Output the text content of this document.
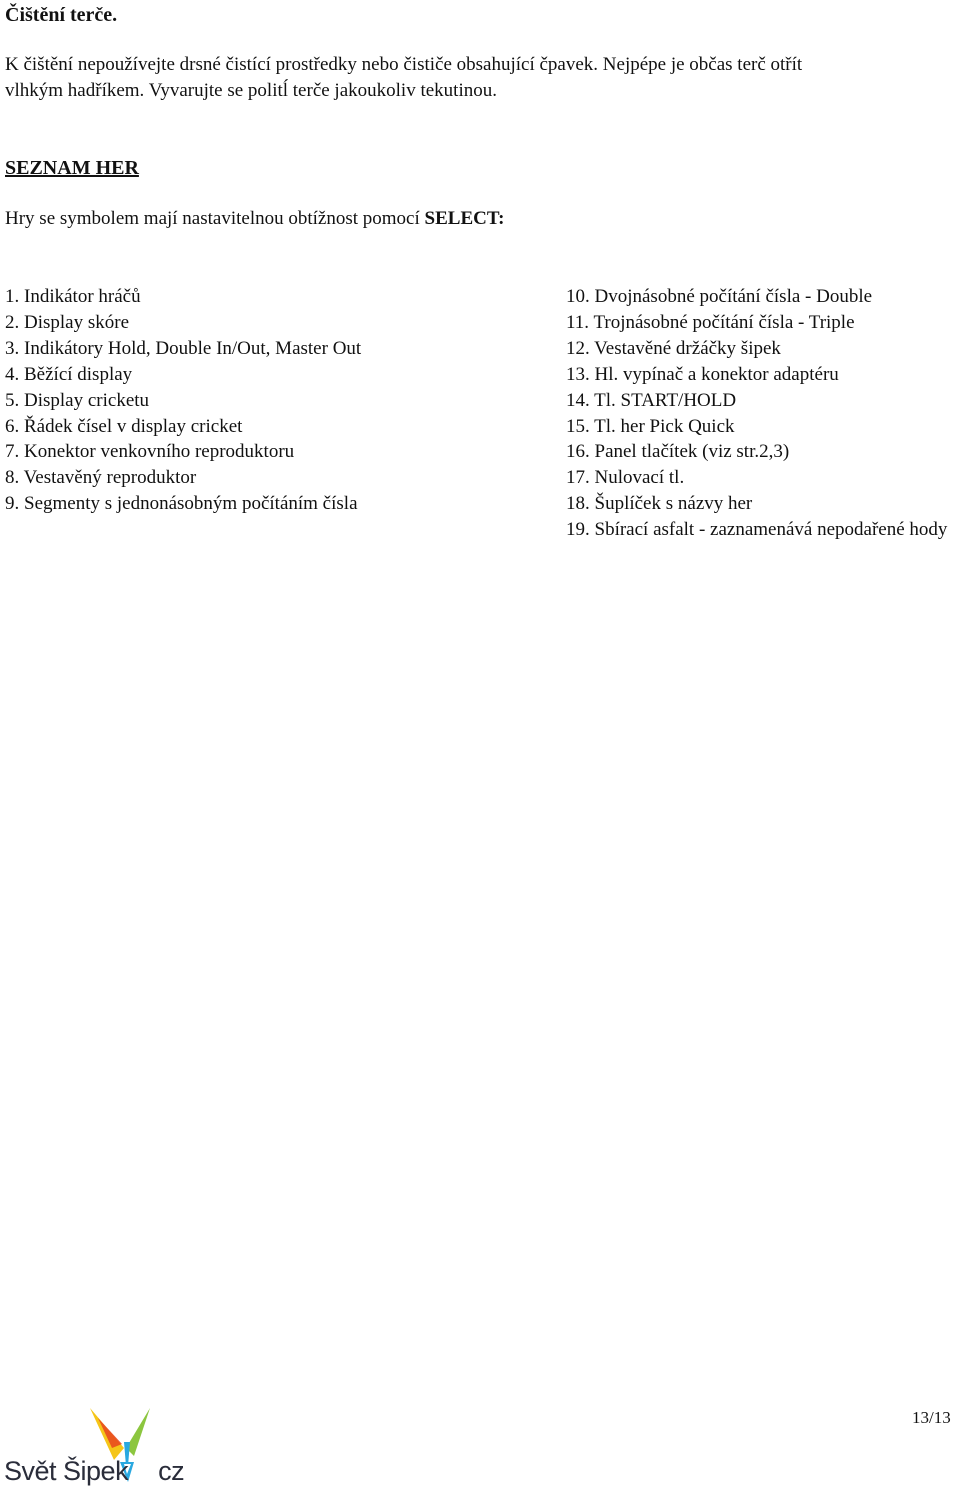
Čištění terče.
K čištění nepoužívejte drsné čistící prostředky nebo čističe obsahující čpavek. Nejpépe je občas terč otřít
vlhkým hadříkem. Vyvarujte se politĺ terče jakoukoliv tekutinou.
SEZNAM HER
Hry se symbolem mají nastavitelnou obtížnost pomocí SELECT:
1. Indikátor hráčů
2. Display skóre
3. Indikátory Hold, Double In/Out, Master Out
4. Běžící display
5. Display cricketu
6. Řádek čísel v display cricket
7. Konektor venkovního reproduktoru
8. Vestavěný reproduktor
9. Segmenty s jednonásobným počítáním čísla
10. Dvojnásobné počítání čísla - Double
11. Trojnásobné počítání čísla - Triple
12. Vestavěné držáčky šipek
13. Hl. vypínač a konektor adaptéru
14. Tl. START/HOLD
15. Tl. her Pick Quick
16. Panel tlačítek (viz str.2,3)
17. Nulovací tl.
18. Šuplíček s názvy her
19. Sbírací asfalt - zaznamenává nepodařené hody
Svět Šipek cz
13/13
